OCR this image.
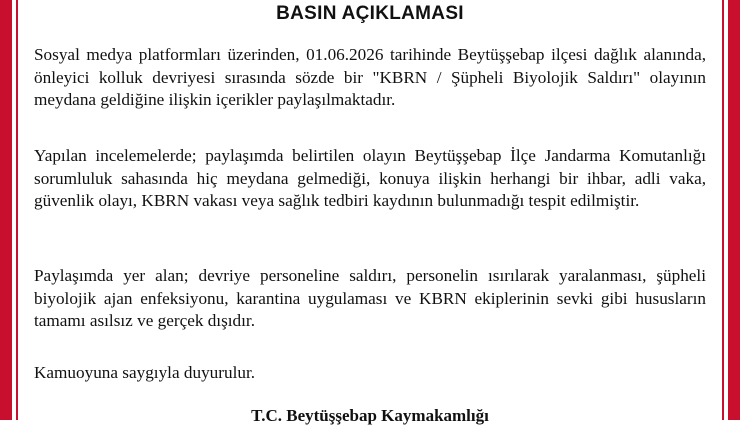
BASIN AÇIKLAMASI

Sosyal medya platformları üzerinden, 01.06.2026 tarihinde Beytüşşebap ilçesi dağlık alanında, önleyici kolluk devriyesi sırasında sözde bir "KBRN / Şüpheli Biyolojik Saldırı" olayının meydana geldiğine ilişkin içerikler paylaşılmaktadır.

Yapılan incelemelerde; paylaşımda belirtilen olayın Beytüşşebap İlçe Jandarma Komutanlığı sorumluluk sahasında hiç meydana gelmediği, konuya ilişkin herhangi bir ihbar, adli vaka, güvenlik olayı, KBRN vakası veya sağlık tedbiri kaydının bulunmadığı tespit edilmiştir.

Paylaşımda yer alan; devriye personeline saldırı, personelin ısırılarak yaralanması, şüpheli biyolojik ajan enfeksiyonu, karantina uygulaması ve KBRN ekiplerinin sevki gibi hususların tamamı asılsız ve gerçek dışıdır.

Kamuoyuna saygıyla duyurulur.

T.C. Beytüşşebap Kaymakamlığı
